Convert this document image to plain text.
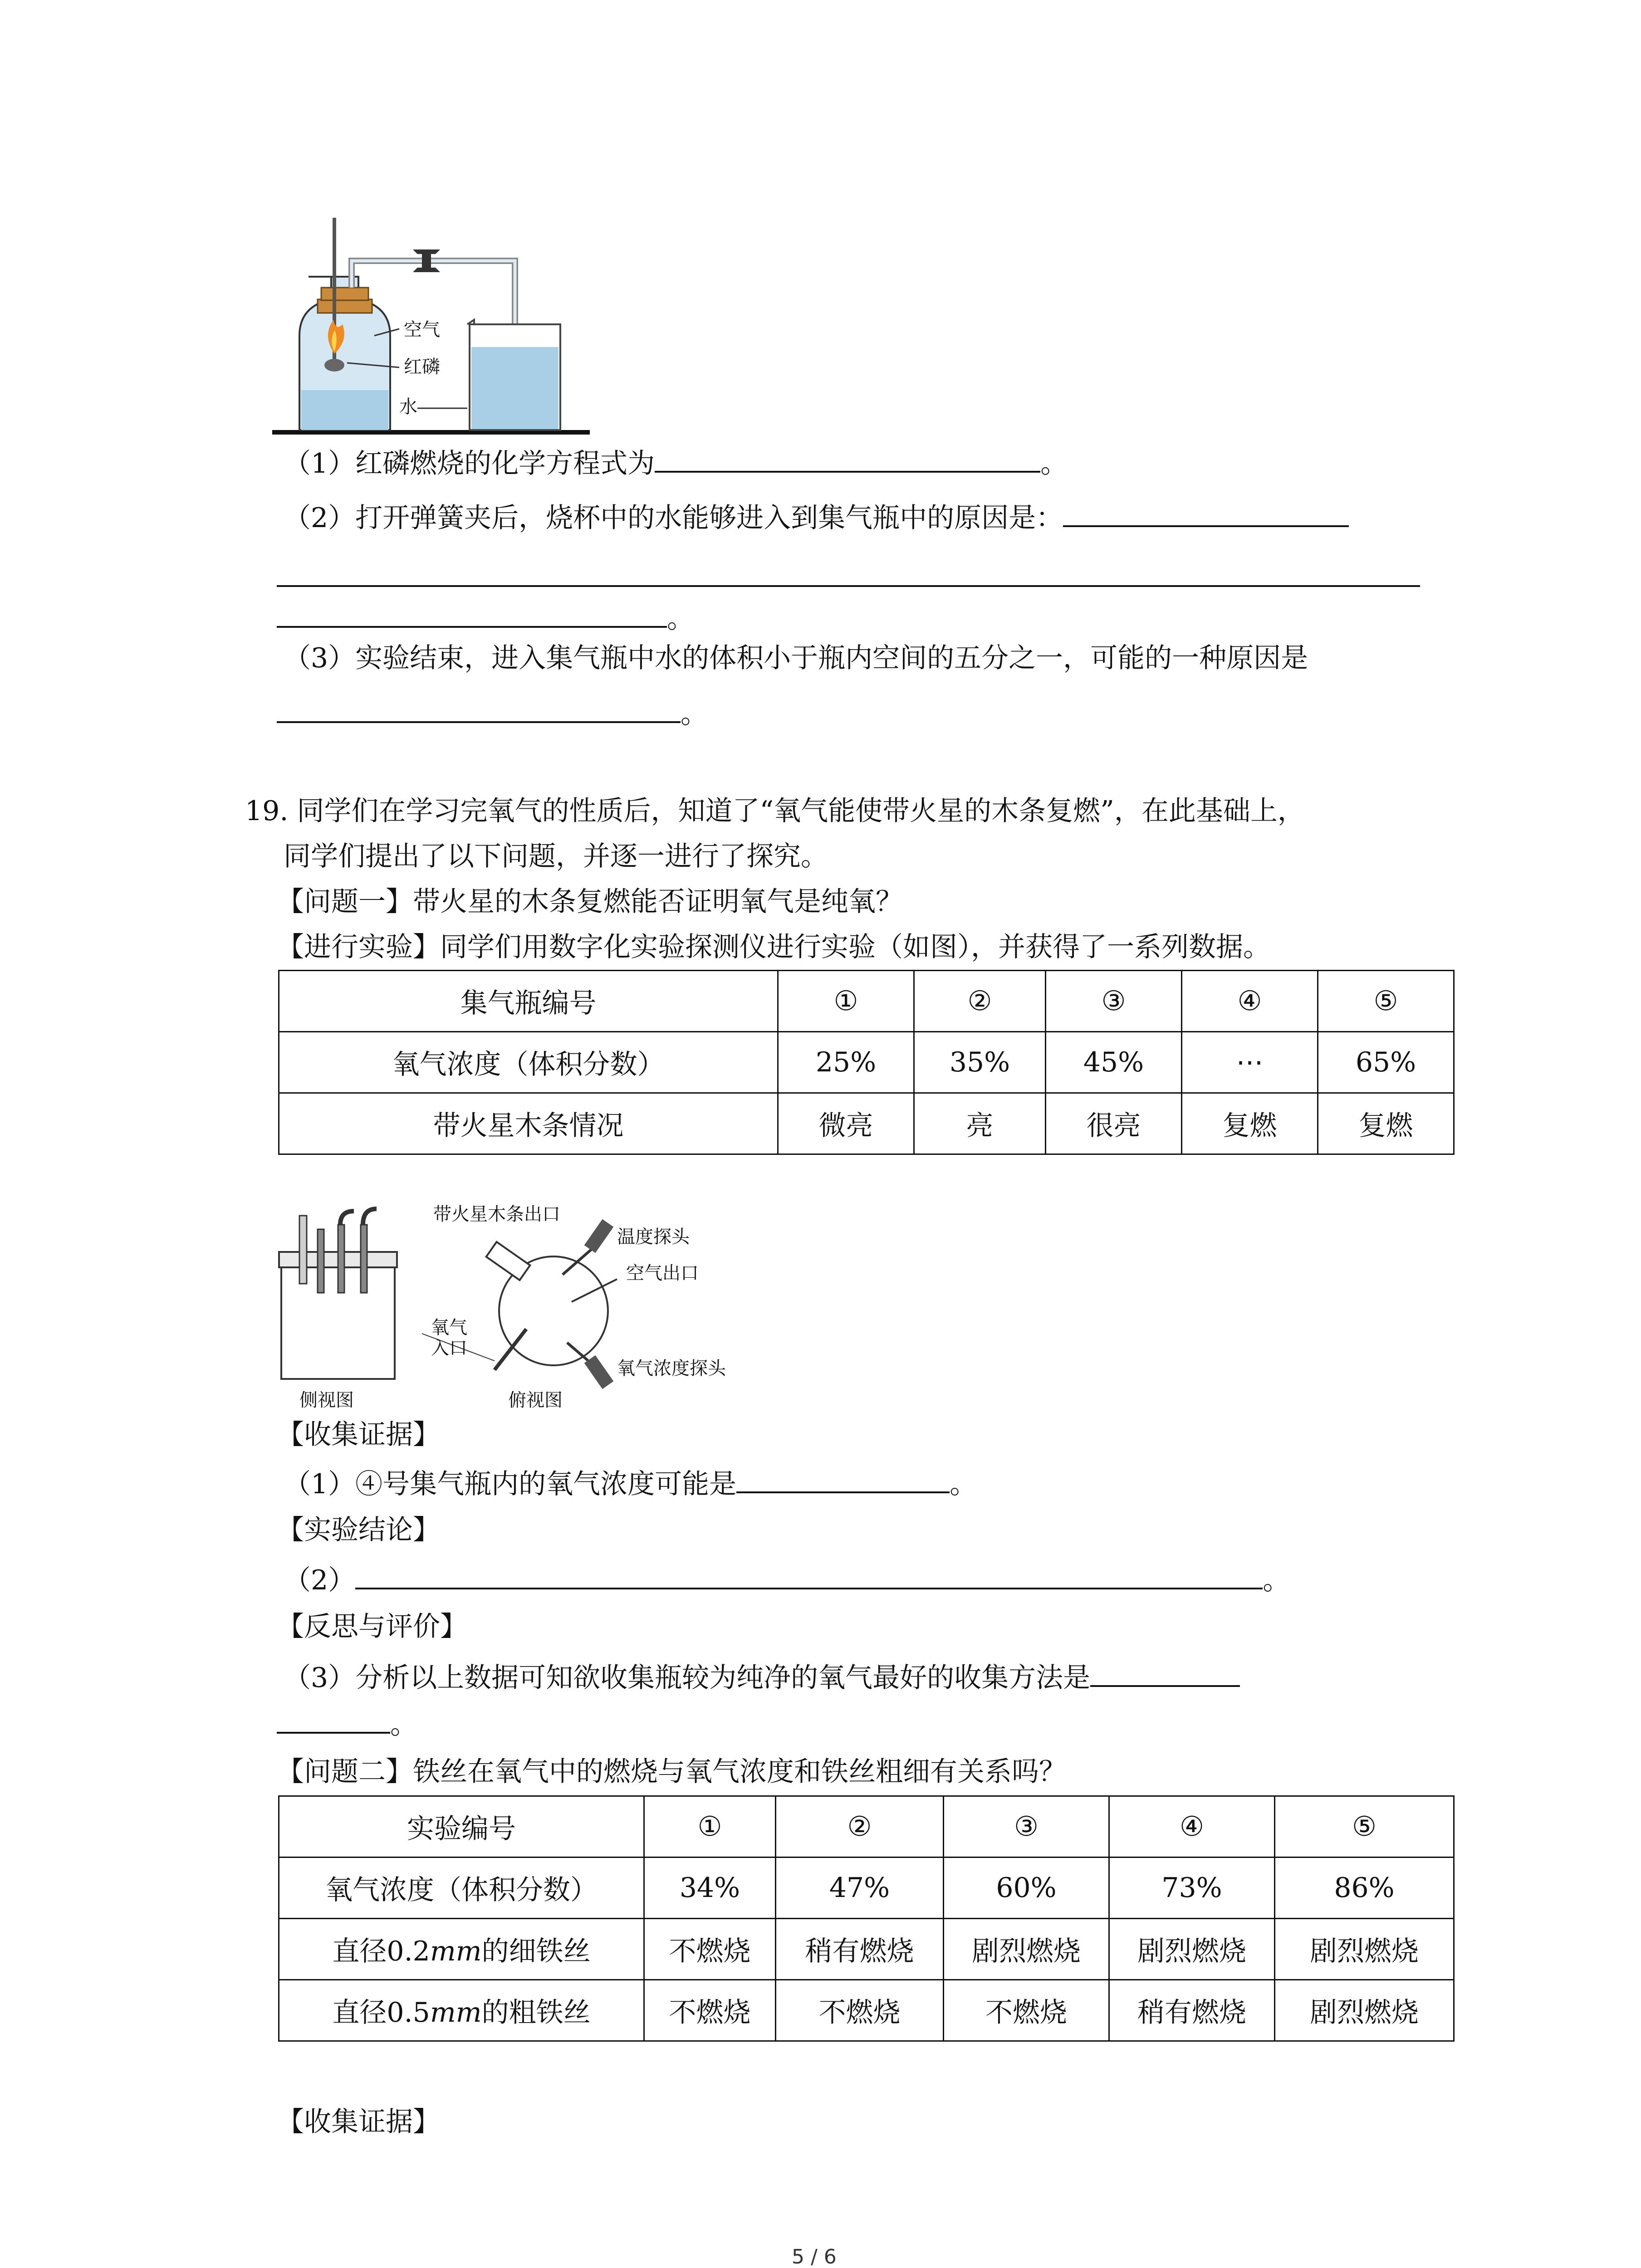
空气
红磷
水
（1）红磷燃烧的化学方程式为	。
（2）打开弹簧夹后，烧杯中的水能够进入到集气瓶中的原因是：
。
（3）实验结束，进入集气瓶中水的体积小于瓶内空间的五分之一，可能的一种原因是
。
19. 同学们在学习完氧气的性质后，知道了“氧气能使带火星的木条复燃”，在此基础上，
同学们提出了以下问题，并逐一进行了探究。
【问题一】带火星的木条复燃能否证明氧气是纯氧？
【进行实验】同学们用数字化实验探测仪进行实验（如图），并获得了一系列数据。
集气瓶编号	①	②	③	④	⑤
氧气浓度（体积分数）	25%	35%	45%	⋯	65%
带火星木条情况	微亮	亮	很亮	复燃	复燃
侧视图
带火星木条出口
温度探头
空气出口
氧气
入口
氧气浓度探头
俯视图
【收集证据】
（1）④号集气瓶内的氧气浓度可能是	。
【实验结论】
（2）	。
【反思与评价】
（3）分析以上数据可知欲收集瓶较为纯净的氧气最好的收集方法是
。
【问题二】铁丝在氧气中的燃烧与氧气浓度和铁丝粗细有关系吗？
实验编号	①	②	③	④	⑤
氧气浓度（体积分数）	34%	47%	60%	73%	86%
直径0.2mm的细铁丝	不燃烧	稍有燃烧	剧烈燃烧	剧烈燃烧	剧烈燃烧
直径0.5mm的粗铁丝	不燃烧	不燃烧	不燃烧	稍有燃烧	剧烈燃烧
【收集证据】
5 / 6
